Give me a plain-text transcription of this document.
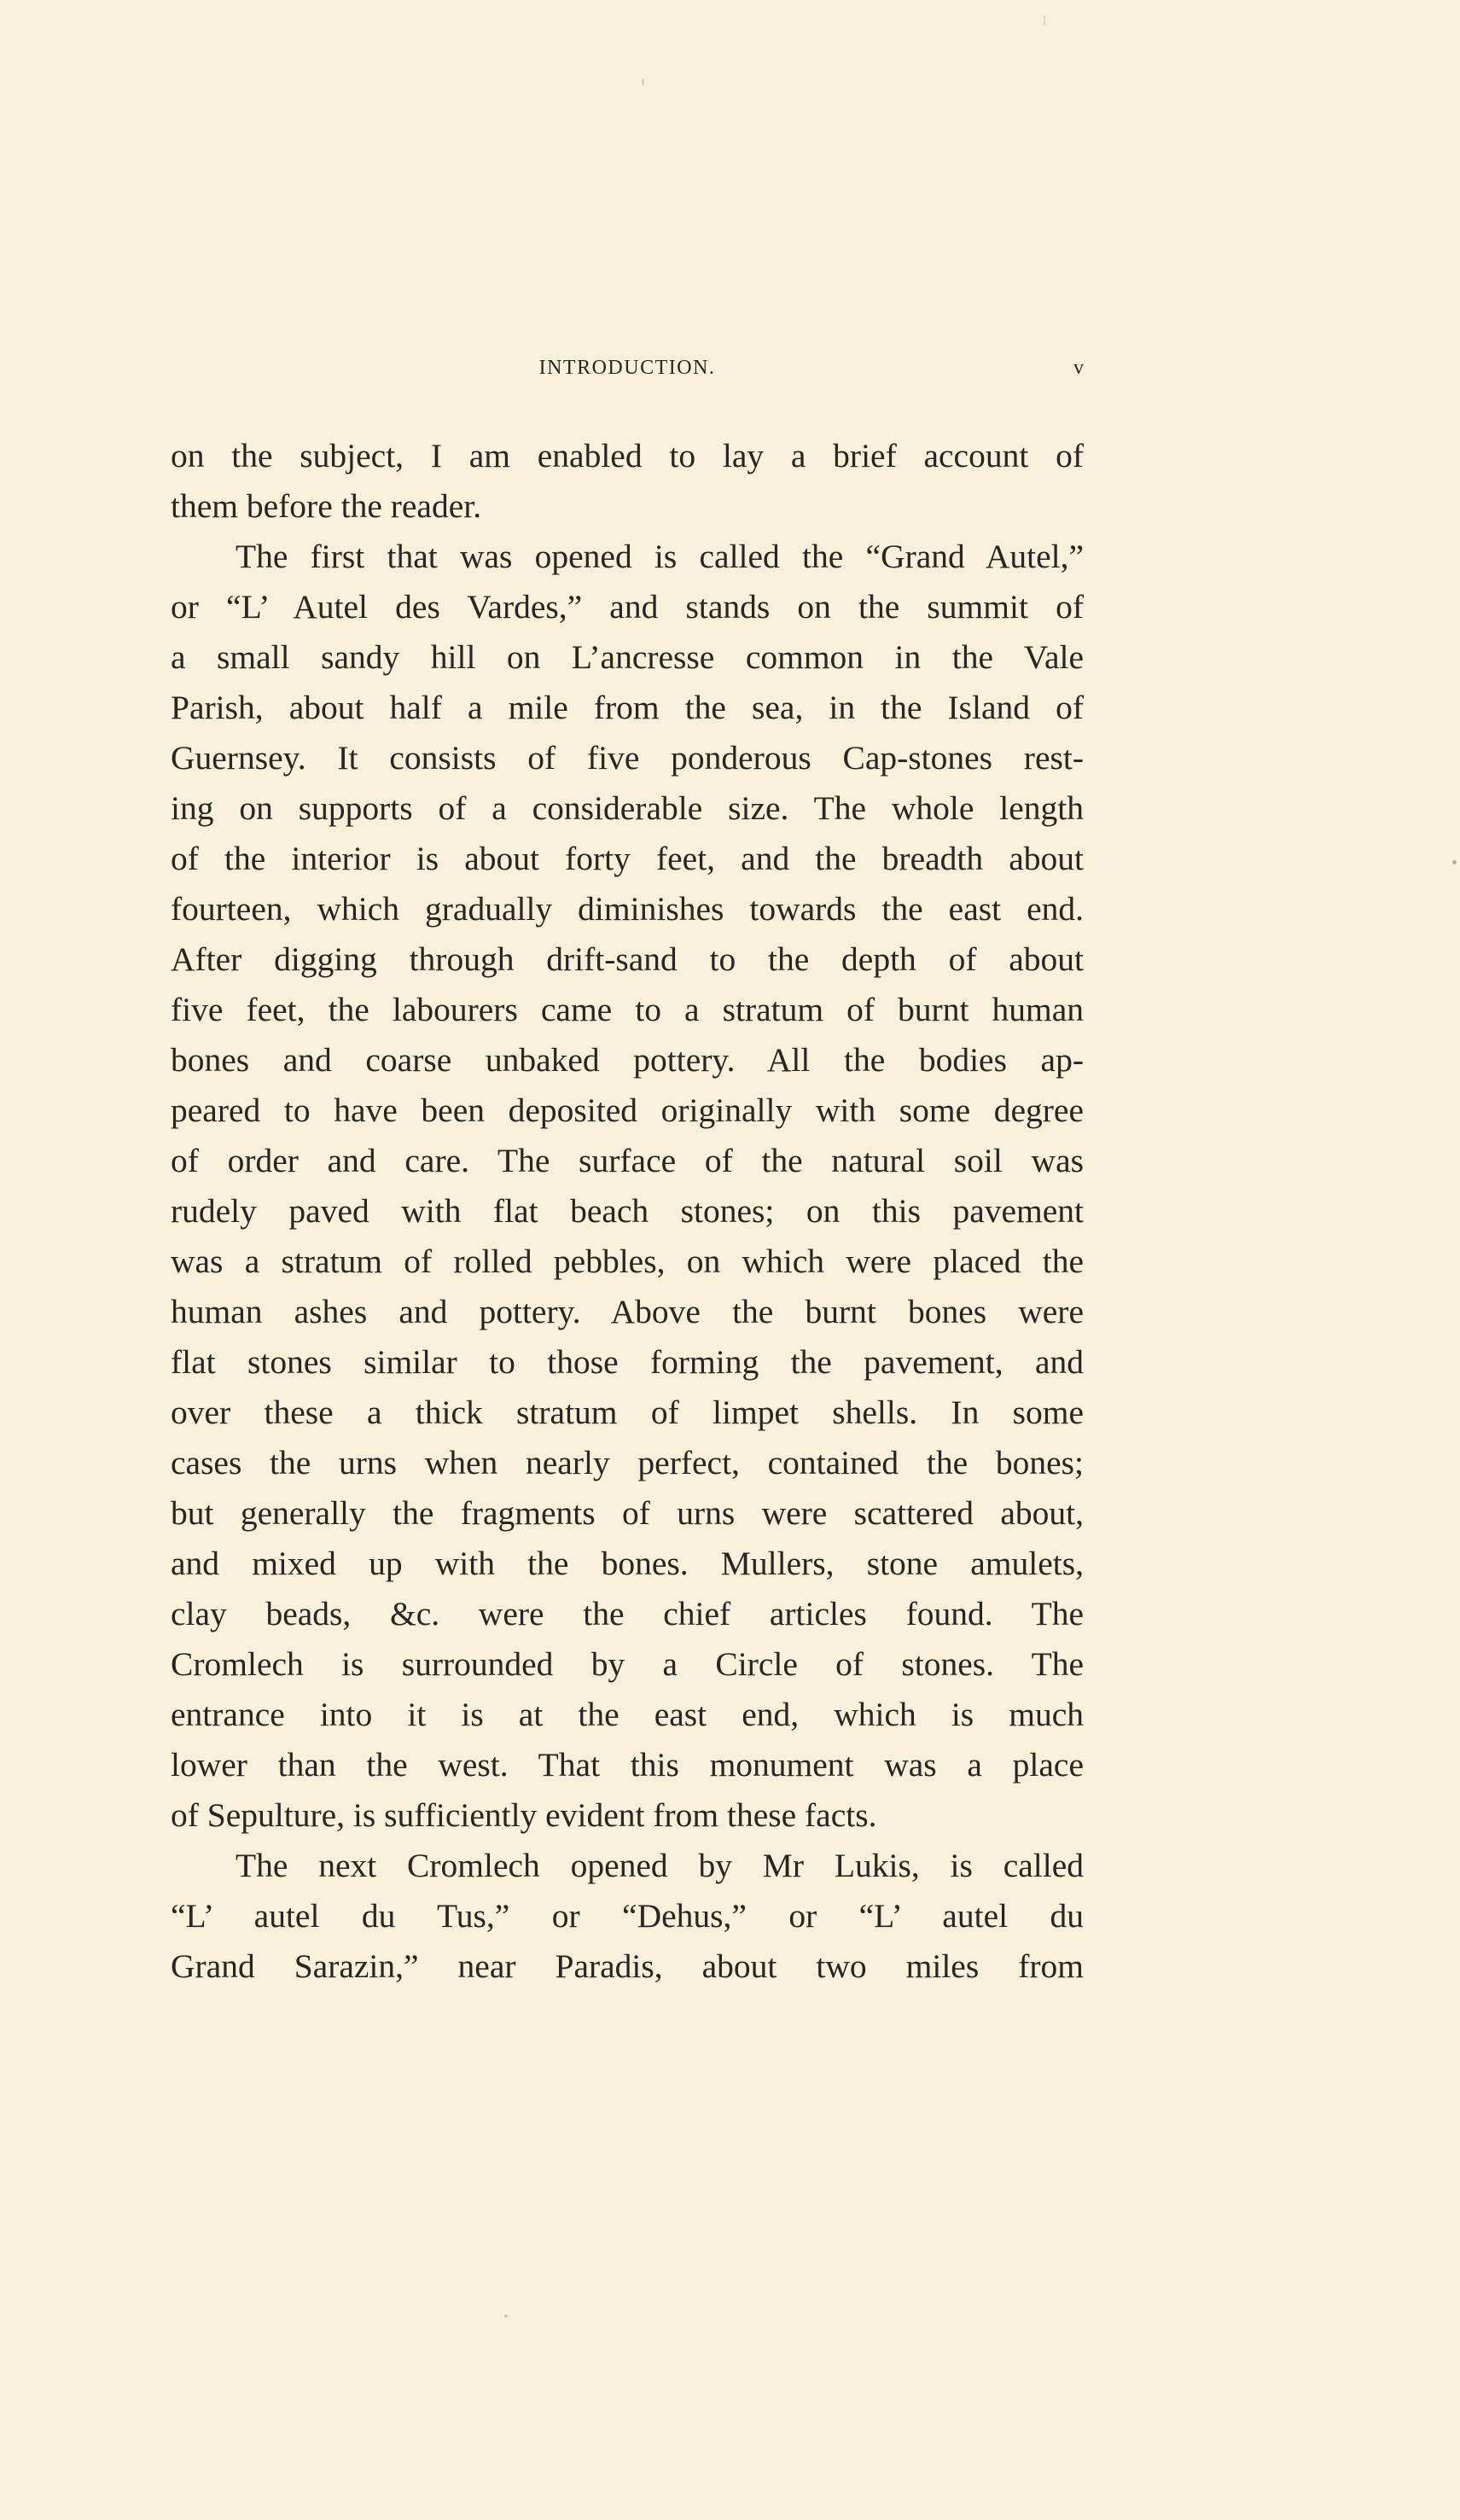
INTRODUCTION.	v
on the subject, I am enabled to lay a brief account of
them before the reader.
The first that was opened is called the “Grand Autel,”
or “L’ Autel des Vardes,” and stands on the summit of
a small sandy hill on L’ancresse common in the Vale
Parish, about half a mile from the sea, in the Island of
Guernsey. It consists of five ponderous Cap-stones rest-
ing on supports of a considerable size. The whole length
of the interior is about forty feet, and the breadth about
fourteen, which gradually diminishes towards the east end.
After digging through drift-sand to the depth of about
five feet, the labourers came to a stratum of burnt human
bones and coarse unbaked pottery. All the bodies ap-
peared to have been deposited originally with some degree
of order and care. The surface of the natural soil was
rudely paved with flat beach stones; on this pavement
was a stratum of rolled pebbles, on which were placed the
human ashes and pottery. Above the burnt bones were
flat stones similar to those forming the pavement, and
over these a thick stratum of limpet shells. In some
cases the urns when nearly perfect, contained the bones;
but generally the fragments of urns were scattered about,
and mixed up with the bones. Mullers, stone amulets,
clay beads, &c. were the chief articles found. The
Cromlech is surrounded by a Circle of stones. The
entrance into it is at the east end, which is much
lower than the west. That this monument was a place
of Sepulture, is sufficiently evident from these facts.
The next Cromlech opened by Mr Lukis, is called
“L’ autel du Tus,” or “Dehus,” or “L’ autel du
Grand Sarazin,” near Paradis, about two miles from
